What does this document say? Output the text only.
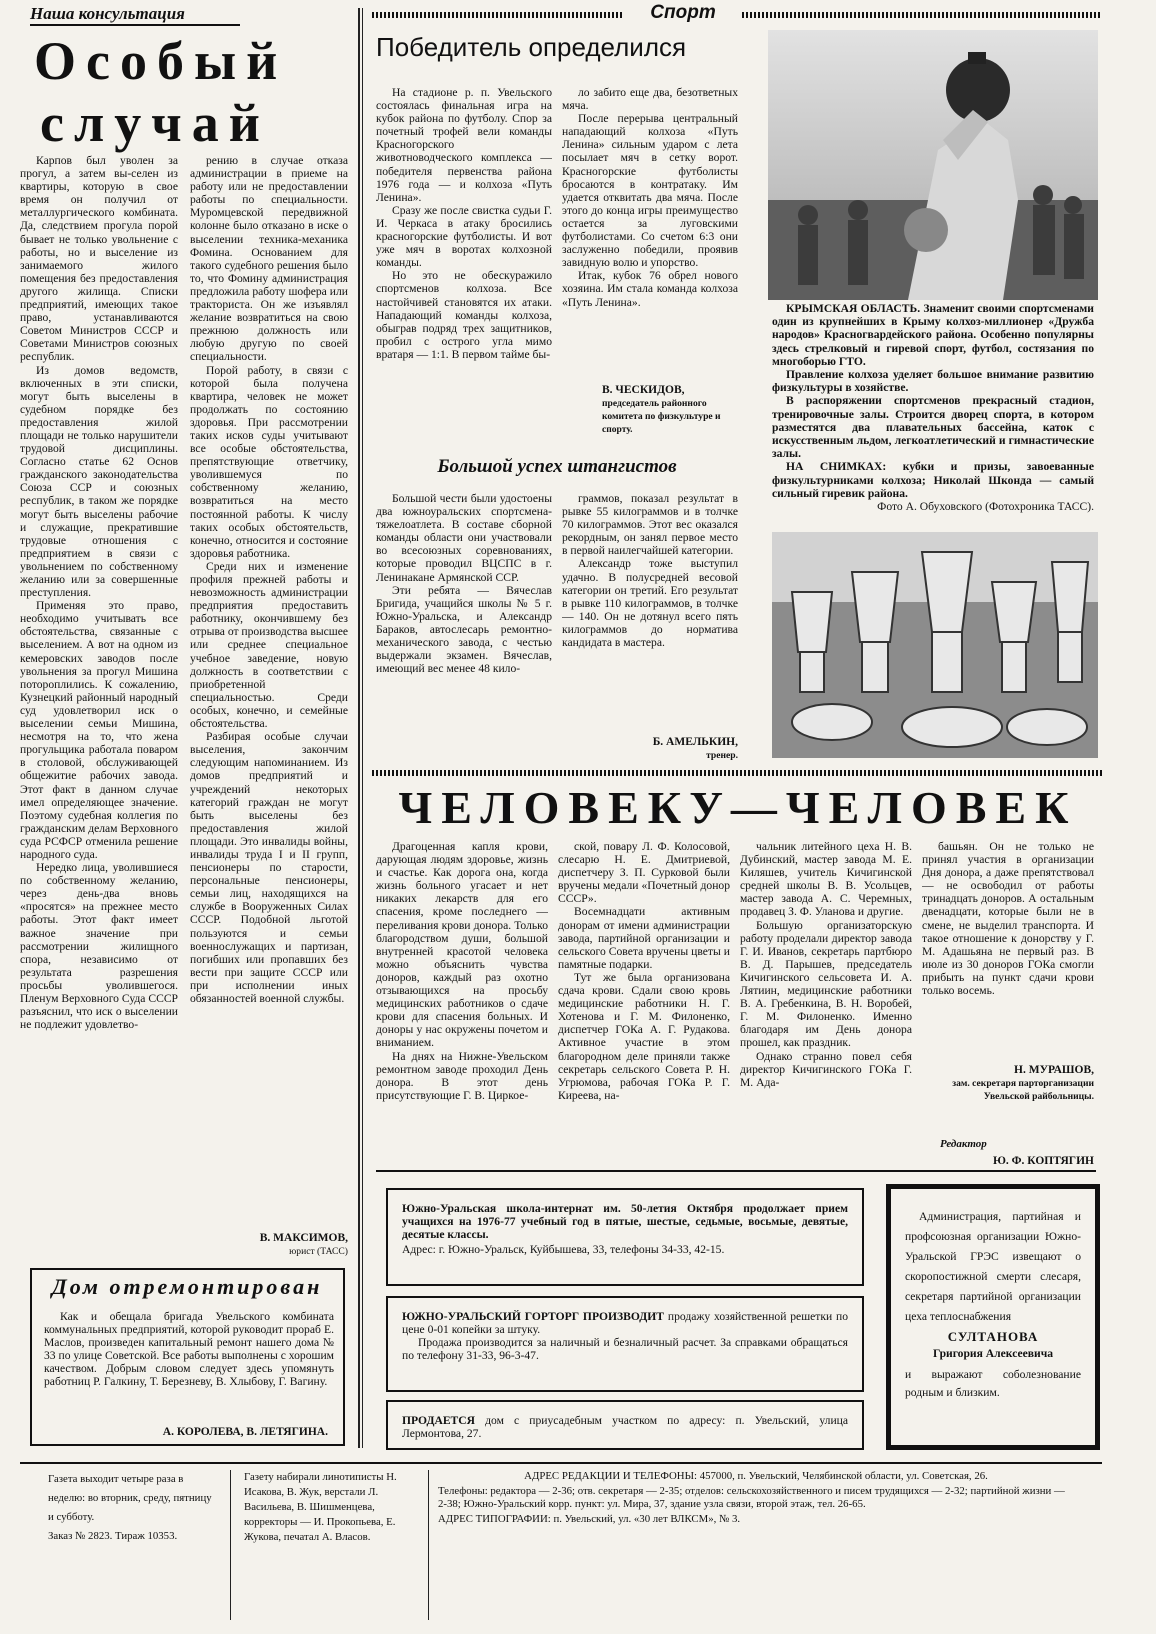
Наша консультация
Особый
случай

Карпов был уволен за прогул, а затем вы-селен из квартиры, которую в свое время он получил от металлургического комбината. Да, следствием прогула порой бывает не только увольнение с работы, но и выселение из занимаемого жилого помещения без предоставления другого жилища. Списки предприятий, имеющих такое право, устанавливаются Советом Министров СССР и Советами Министров союзных республик.

Из домов ведомств, включенных в эти списки, могут быть выселены в судебном порядке без предоставления жилой площади не только нарушители трудовой дисциплины. Согласно статье 62 Основ гражданского законодательства Союза ССР и союзных республик, в таком же порядке могут быть выселены рабочие и служащие, прекратившие трудовые отношения с предприятием в связи с увольнением по собственному желанию или за совершенные преступления.

Применяя это право, необходимо учитывать все обстоятельства, связанные с выселением. А вот на одном из кемеровских заводов после увольнения за прогул Мишина потороплились. К сожалению, Кузнецкий районный народный суд удовлетворил иск о выселении семьи Мишина, несмотря на то, что жена прогульщика работала поваром в столовой, обслуживающей общежитие рабочих завода. Этот факт в данном случае имел определяющее значение. Поэтому судебная коллегия по гражданским делам Верховного суда РСФСР отменила решение народного суда.

Нередко лица, уволившиеся по собственному желанию, через день-два вновь «просятся» на прежнее место работы. Этот факт имеет важное значение при рассмотрении жилищного спора, независимо от результата разрешения просьбы уволившегося. Пленум Верховного Суда СССР разъяснил, что иск о выселении не подлежит удовлетво-

рению в случае отказа администрации в приеме на работу или не предоставлении работы по специальности. Муромцевской передвижной колонне было отказано в иске о выселении техника-механика Фомина. Основанием для такого судебного решения было то, что Фомину администрация предложила работу шофера или тракториста. Он же изъявлял желание возвратиться на свою прежнюю должность или любую другую по своей специальности.

Порой работу, в связи с которой была получена квартира, человек не может продолжать по состоянию здоровья. При рассмотрении таких исков суды учитывают все особые обстоятельства, препятствующие ответчику, уволившемуся по собственному желанию, возвратиться на место постоянной работы. К числу таких особых обстоятельств, конечно, относится и состояние здоровья работника.

Среди них и изменение профиля прежней работы и невозможность администрации предприятия предоставить работнику, окончившему без отрыва от производства высшее или среднее специальное учебное заведение, новую должность в соответствии с приобретенной специальностью. Среди особых, конечно, и семейные обстоятельства.

Разбирая особые случаи выселения, закончим следующим напоминанием. Из домов предприятий и учреждений некоторых категорий граждан не могут быть выселены без предоставления жилой площади. Это инвалиды войны, инвалиды труда I и II групп, пенсионеры по старости, персональные пенсионеры, семьи лиц, находящихся на службе в Вооруженных Силах СССР. Подобной льготой пользуются и семьи военнослужащих и партизан, погибших или пропавших без вести при защите СССР или при исполнении иных обязанностей военной службы.

В. МАКСИМОВ,
юрист (ТАСС)
Дом отремонтирован

Как и обещала бригада Увельского комбината коммунальных предприятий, которой руководит прораб Е. Маслов, произведен капитальный ремонт нашего дома № 33 по улице Советской. Все работы выполнены с хорошим качеством. Добрым словом следует здесь упомянуть работниц Р. Галкину, Т. Березневу, В. Хлыбову, Г. Вагину.

А. КОРОЛЕВА, В. ЛЕТЯГИНА.
Спорт
Победитель определился

На стадионе р. п. Увельского состоялась финальная игра на кубок района по футболу. Спор за почетный трофей вели команды Красногорского животноводческого комплекса — победителя первенства района 1976 года — и колхоза «Путь Ленина».

Сразу же после свистка судьи Г. И. Черкаса в атаку бросились красногорские футболисты. И вот уже мяч в воротах колхозной команды.

Но это не обескуражило спортсменов колхоза. Все настойчивей становятся их атаки. Нападающий команды колхоза, обыграв подряд трех защитников, пробил с острого угла мимо вратаря — 1:1. В первом тайме бы-

ло забито еще два, безответных мяча.

После перерыва центральный нападающий колхоза «Путь Ленина» сильным ударом с лета посылает мяч в сетку ворот. Красногорские футболисты бросаются в контратаку. Им удается отквитать два мяча. После этого до конца игры преимущество остается за луговскими футболистами. Со счетом 6:3 они заслуженно победили, проявив завидную волю и упорство.

Итак, кубок 76 обрел нового хозяина. Им стала команда колхоза «Путь Ленина».

В. ЧЕСКИДОВ,
председатель районного комитета по физкультуре и спорту.
Большой успех штангистов

Большой чести были удостоены два южноуральских спортсмена-тяжелоатлета. В составе сборной команды области они участвовали во всесоюзных соревнованиях, которые проводил ВЦСПС в г. Ленинакане Армянской ССР.

Эти ребята — Вячеслав Бригида, учащийся школы № 5 г. Южно-Уральска, и Александр Бараков, автослесарь ремонтно-механического завода, с честью выдержали экзамен. Вячеслав, имеющий вес менее 48 кило-

граммов, показал результат в рывке 55 килограммов и в толчке 70 килограммов. Этот вес оказался рекордным, он занял первое место в первой наилегчайшей категории.

Александр тоже выступил удачно. В полусредней весовой категории он третий. Его результат в рывке 110 килограммов, в толчке — 140. Он не дотянул всего пять килограммов до норматива кандидата в мастера.

Б. АМЕЛЬКИН,
тренер.

КРЫМСКАЯ ОБЛАСТЬ. Знаменит своими спортсменами один из крупнейших в Крыму колхоз-миллионер «Дружба народов» Красногвардейского района. Особенно популярны здесь стрелковый и гиревой спорт, футбол, состязания по многоборью ГТО.

Правление колхоза уделяет большое внимание развитию физкультуры в хозяйстве.

В распоряжении спортсменов прекрасный стадион, тренировочные залы. Строится дворец спорта, в котором разместятся два плавательных бассейна, каток с искусственным льдом, легкоатлетический и гимнастические залы.

НА СНИМКАХ: кубки и призы, завоеванные физкультурниками колхоза; Николай Шконда — самый сильный гиревик района.

Фото А. Обуховского (Фотохроника ТАСС).

ЧЕЛОВЕКУ—ЧЕЛОВЕК

Драгоценная капля крови, дарующая людям здоровье, жизнь и счастье. Как дорога она, когда жизнь больного угасает и нет никаких лекарств для его спасения, кроме последнего — переливания крови донора. Только благородством души, большой внутренней красотой человека можно объяснить чувства доноров, каждый раз охотно отзывающихся на просьбу медицинских работников о сдаче крови для спасения больных. И доноры у нас окружены почетом и вниманием.

На днях на Нижне-Увельском ремонтном заводе проходил День донора. В этот день присутствующие Г. В. Циркое-

ской, повару Л. Ф. Колосовой, слесарю Н. Е. Дмитриевой, диспетчеру З. П. Сурковой были вручены медали «Почетный донор СССР».

Восемнадцати активным донорам от имени администрации завода, партийной организации и сельского Совета вручены цветы и памятные подарки.

Тут же была организована сдача крови. Сдали свою кровь медицинские работники Н. Г. Хотенова и Г. М. Филоненко, диспетчер ГОКа А. Г. Рудакова. Активное участие в этом благородном деле приняли также секретарь сельского Совета Р. Н. Угрюмова, рабочая ГОКа Р. Г. Киреева, на-

чальник литейного цеха Н. В. Дубинский, мастер завода М. Е. Киляшев, учитель Кичигинской средней школы В. В. Усольцев, мастер завода А. С. Черемных, продавец З. Ф. Уланова и другие.

Большую организаторскую работу проделали директор завода Г. И. Иванов, секретарь партбюро В. Д. Парышев, председатель Кичигинского сельсовета И. А. Лятиин, медицинские работники В. А. Гребенкина, В. Н. Воробей, Г. М. Филоненко. Именно благодаря им День донора прошел, как праздник.

Однако странно повел себя директор Кичигинского ГОКа Г. М. Ада-

башьян. Он не только не принял участия в организации Дня донора, а даже препятствовал — не освободил от работы тринадцать доноров. А остальным двенадцати, которые были не в смене, не выделил транспорта. И такое отношение к донорству у Г. М. Адашьяна не первый раз. В июле из 30 доноров ГОКа смогли прибыть на пункт сдачи крови только восемь.

Н. МУРАШОВ,
зам. секретаря парторганизации Увельской райбольницы.
Редактор
Ю. Ф. КОПТЯГИН
Южно-Уральская школа-интернат им. 50-летия Октября продолжает прием учащихся на 1976-77 учебный год в пятые, шестые, седьмые, восьмые, девятые, десятые классы.
Адрес: г. Южно-Уральск, Куйбышева, 33, телефоны 34-33, 42-15.
ЮЖНО-УРАЛЬСКИЙ ГОРТОРГ ПРОИЗВОДИТ продажу хозяйственной решетки по цене 0-01 копейки за штуку.
Продажа производится за наличный и безналичный расчет. За справками обращаться по телефону 31-33, 96-3-47.
ПРОДАЕТСЯ дом с приусадебным участком по адресу: п. Увельский, улица Лермонтова, 27.
Администрация, партийная и профсоюзная организации Южно-Уральской ГРЭС извещают о скоропостижной смерти слесаря, секретаря партийной организации цеха теплоснабжения
СУЛТАНОВА
Григория Алексеевича
и выражают соболезнование родным и близким.
Газета выходит четыре раза в неделю: во вторник, среду, пятницу и субботу.
Заказ № 2823. Тираж 10353.
Газету набирали линотиписты Н. Исакова, В. Жук, верстали Л. Васильева, В. Шишменцева, корректоры — И. Прокопьева, Е. Жукова, печатал А. Власов.
АДРЕС РЕДАКЦИИ И ТЕЛЕФОНЫ: 457000, п. Увельский, Челябинской области, ул. Советская, 26.
Телефоны: редактора — 2-36; отв. секретаря — 2-35; отделов: сельскохозяйственного и писем трудящихся — 2-32; партийной жизни — 2-38; Южно-Уральский корр. пункт: ул. Мира, 37, здание узла связи, второй этаж, тел. 26-65.
АДРЕС ТИПОГРАФИИ: п. Увельский, ул. «30 лет ВЛКСМ», № 3.
